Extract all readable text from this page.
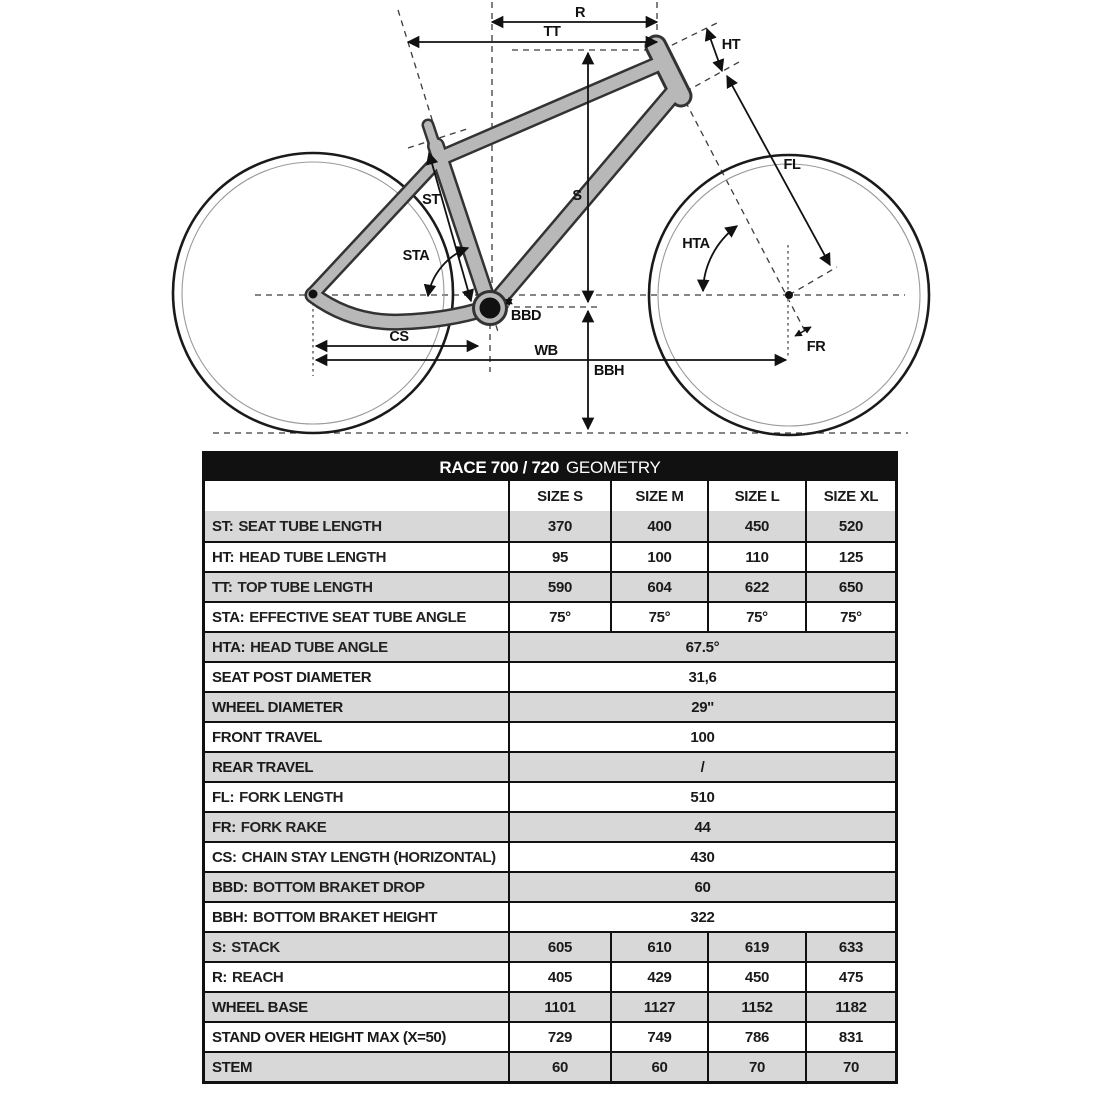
R
TT
HT
ST
STA
S
HTA
FL
BBD
CS
WB
BBH
FR
RACE 700 / 720 GEOMETRY
SIZE S	SIZE M	SIZE L	SIZE XL
ST: SEAT TUBE LENGTH	370	400	450	520
HT: HEAD TUBE LENGTH	95	100	110	125
TT: TOP TUBE LENGTH	590	604	622	650
STA: EFFECTIVE SEAT TUBE ANGLE	75°	75°	75°	75°
HTA: HEAD TUBE ANGLE	67.5°
SEAT POST DIAMETER	31,6
WHEEL DIAMETER	29''
FRONT TRAVEL	100
REAR TRAVEL	/
FL: FORK LENGTH	510
FR: FORK RAKE	44
CS: CHAIN STAY LENGTH (HORIZONTAL)	430
BBD: BOTTOM BRAKET DROP	60
BBH: BOTTOM BRAKET HEIGHT	322
S: STACK	605	610	619	633
R: REACH	405	429	450	475
WHEEL BASE	1101	1127	1152	1182
STAND OVER HEIGHT MAX (X=50)	729	749	786	831
STEM	60	60	70	70
